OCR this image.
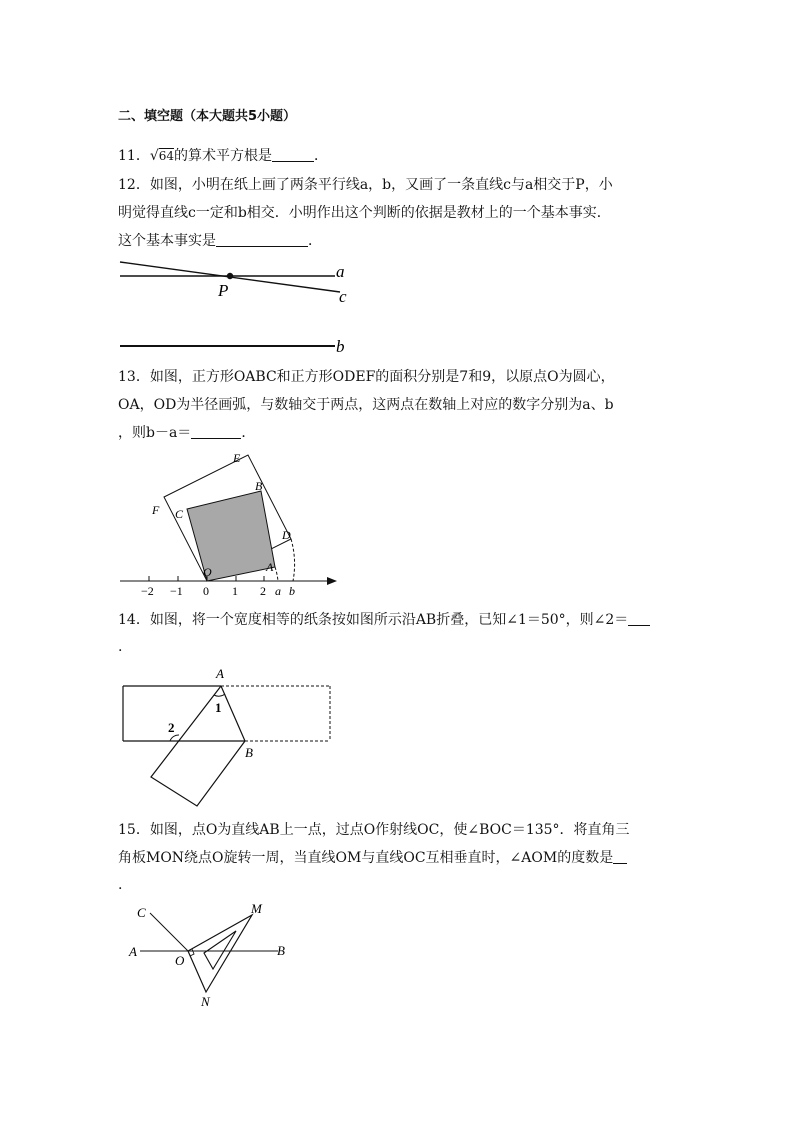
二、填空题（本大题共5小题）
11．√64的算术平方根是	．
12．如图，小明在纸上画了两条平行线a，b，又画了一条直线c与a相交于P，小
明觉得直线c一定和b相交．小明作出这个判断的依据是教材上的一个基本事实．
这个基本事实是	．
a
P	c
b
13．如图，正方形OABC和正方形ODEF的面积分别是7和9，以原点O为圆心，
OA，OD为半径画弧，与数轴交于两点，这两点在数轴上对应的数字分别为a、b
，则b－a＝	．
−2 −1 0 1 2 a b
E
B
F C
D
O	A
14．如图，将一个宽度相等的纸条按如图所示沿AB折叠，已知∠1＝50°，则∠2＝
.
A
1
2
B
15．如图，点O为直线AB上一点，过点O作射线OC，使∠BOC＝135°．将直角三
角板MON绕点O旋转一周，当直线OM与直线OC互相垂直时，∠AOM的度数是
.
C	M
A
O
B
N
